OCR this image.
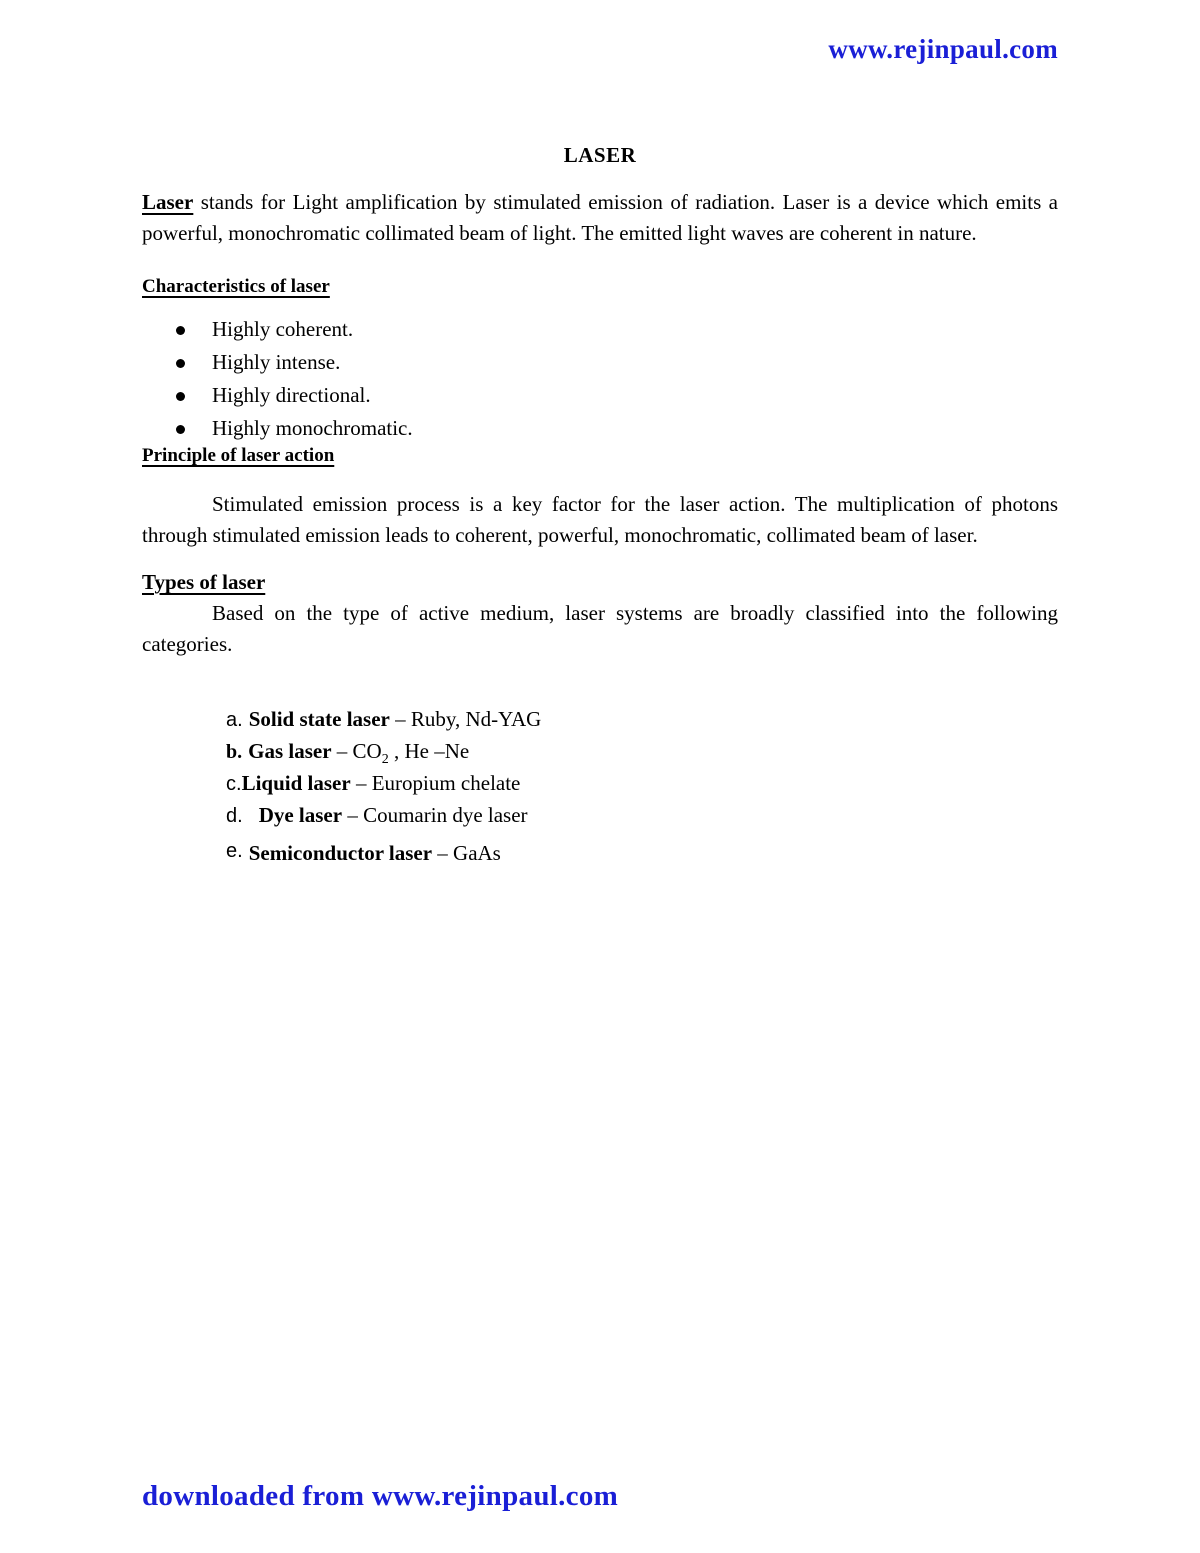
www.rejinpaul.com
LASER

Laser stands for Light amplification by stimulated emission of radiation. Laser is a device which emits a powerful, monochromatic collimated beam of light. The emitted light waves are coherent in nature.

Characteristics of laser
Highly coherent.
Highly intense.
Highly directional.
Highly monochromatic.
Principle of laser action

Stimulated emission process is a key factor for the laser action. The multiplication of photons through stimulated emission leads to coherent, powerful, monochromatic, collimated beam of laser.

Types of laser

Based on the type of active medium, laser systems are broadly classified into the following categories.

a. Solid state laser – Ruby, Nd-YAG
b. Gas laser – $CO_2$ , He –Ne
c.Liquid laser – Europium chelate
d. Dye laser – Coumarin dye laser
e. Semiconductor laser – GaAs
downloaded from www.rejinpaul.com
